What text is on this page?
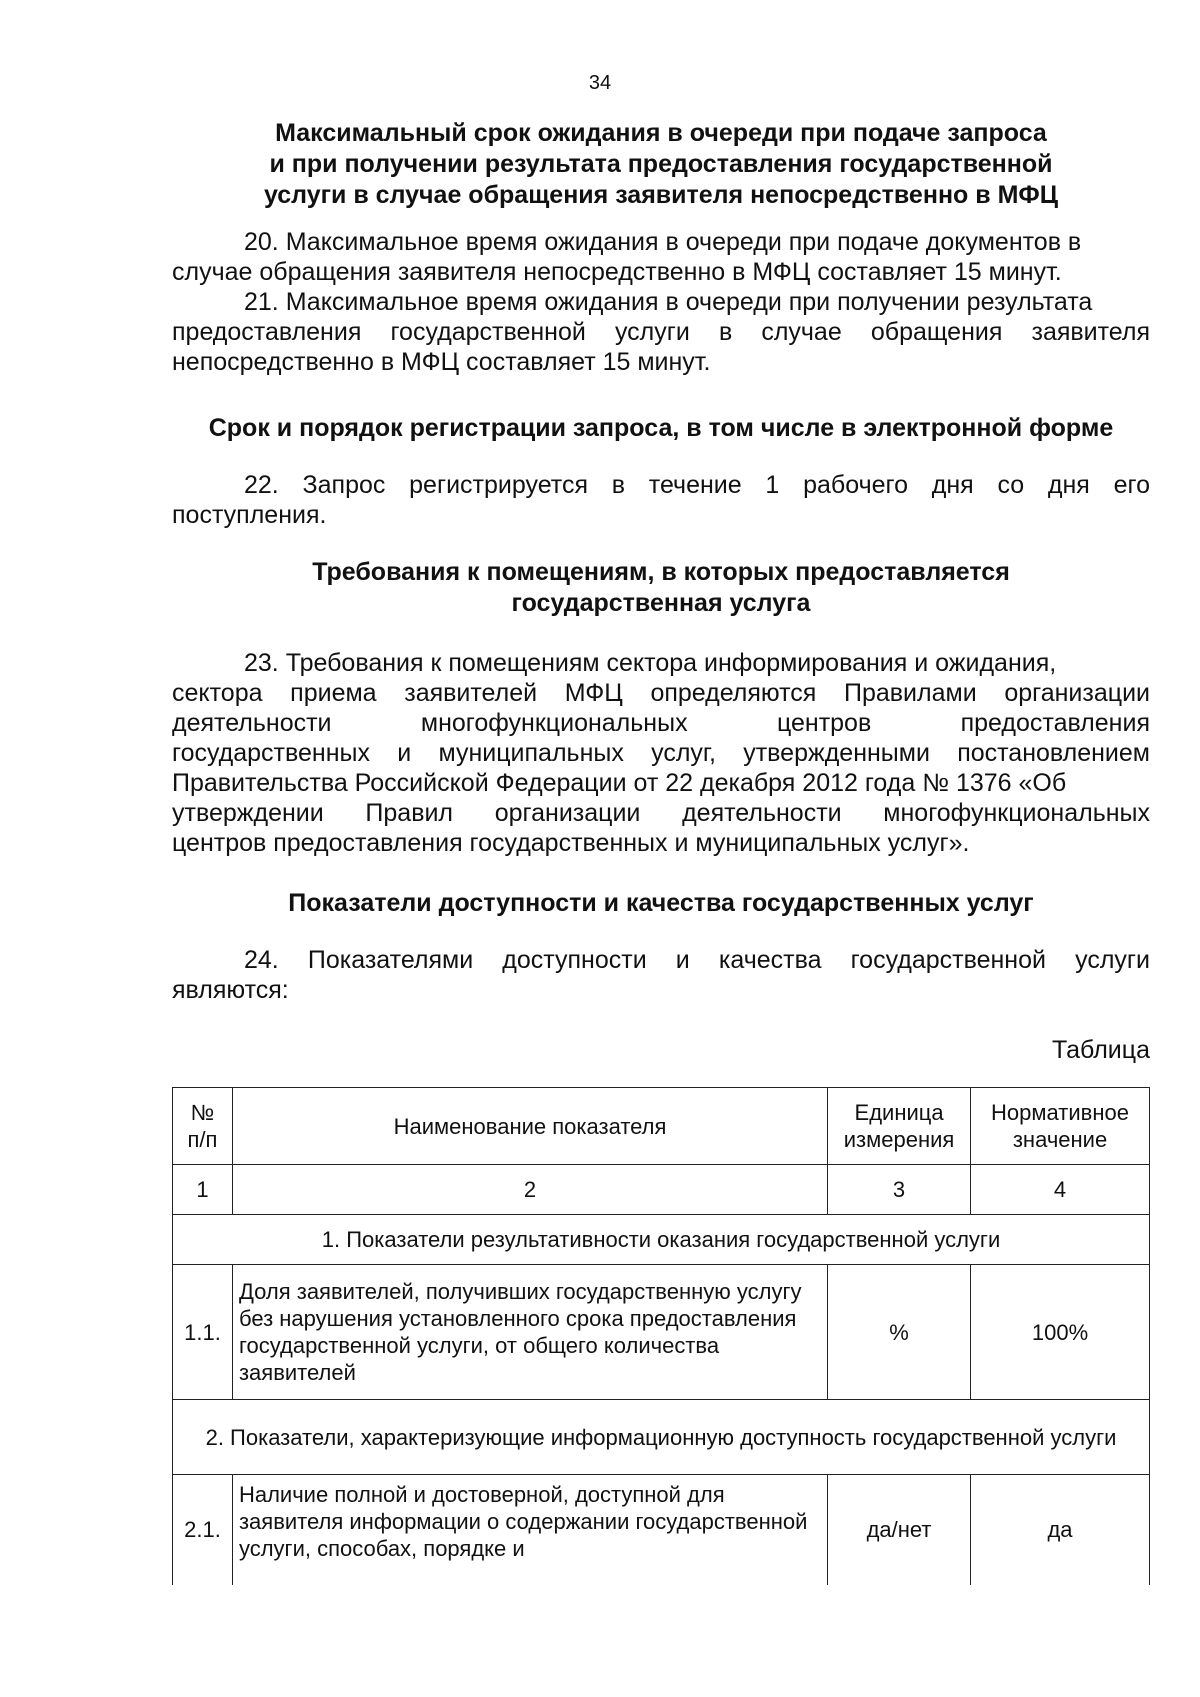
34
Максимальный срок ожидания в очереди при подаче запроса
и при получении результата предоставления государственной
услуги в случае обращения заявителя непосредственно в МФЦ
20. Максимальное время ожидания в очереди при подаче документов в
случае обращения заявителя непосредственно в МФЦ составляет 15 минут.
21. Максимальное время ожидания в очереди при получении результата
предоставления государственной услуги в случае обращения заявителя
непосредственно в МФЦ составляет 15 минут.
Срок и порядок регистрации запроса, в том числе в электронной форме
22. Запрос регистрируется в течение 1 рабочего дня со дня его
поступления.
Требования к помещениям, в которых предоставляется
государственная услуга
23. Требования к помещениям сектора информирования и ожидания,
сектора приема заявителей МФЦ определяются Правилами организации
деятельности многофункциональных центров предоставления
государственных и муниципальных услуг, утвержденными постановлением
Правительства Российской Федерации от 22 декабря 2012 года № 1376 «Об
утверждении Правил организации деятельности многофункциональных
центров предоставления государственных и муниципальных услуг».
Показатели доступности и качества государственных услуг
24. Показателями доступности и качества государственной услуги
являются:
Таблица
№ п/п	Наименование показателя	Единица измерения	Нормативное значение
1	2	3	4
1. Показатели результативности оказания государственной услуги			
1.1.	Доля заявителей, получивших государственную услугу без нарушения установленного срока предоставления государственной услуги, от общего количества заявителей	%	100%
2. Показатели, характеризующие информационную доступность государственной услуги			
2.1.	Наличие полной и достоверной, доступной для заявителя информации о содержании государственной услуги, способах, порядке и	да/нет	да
